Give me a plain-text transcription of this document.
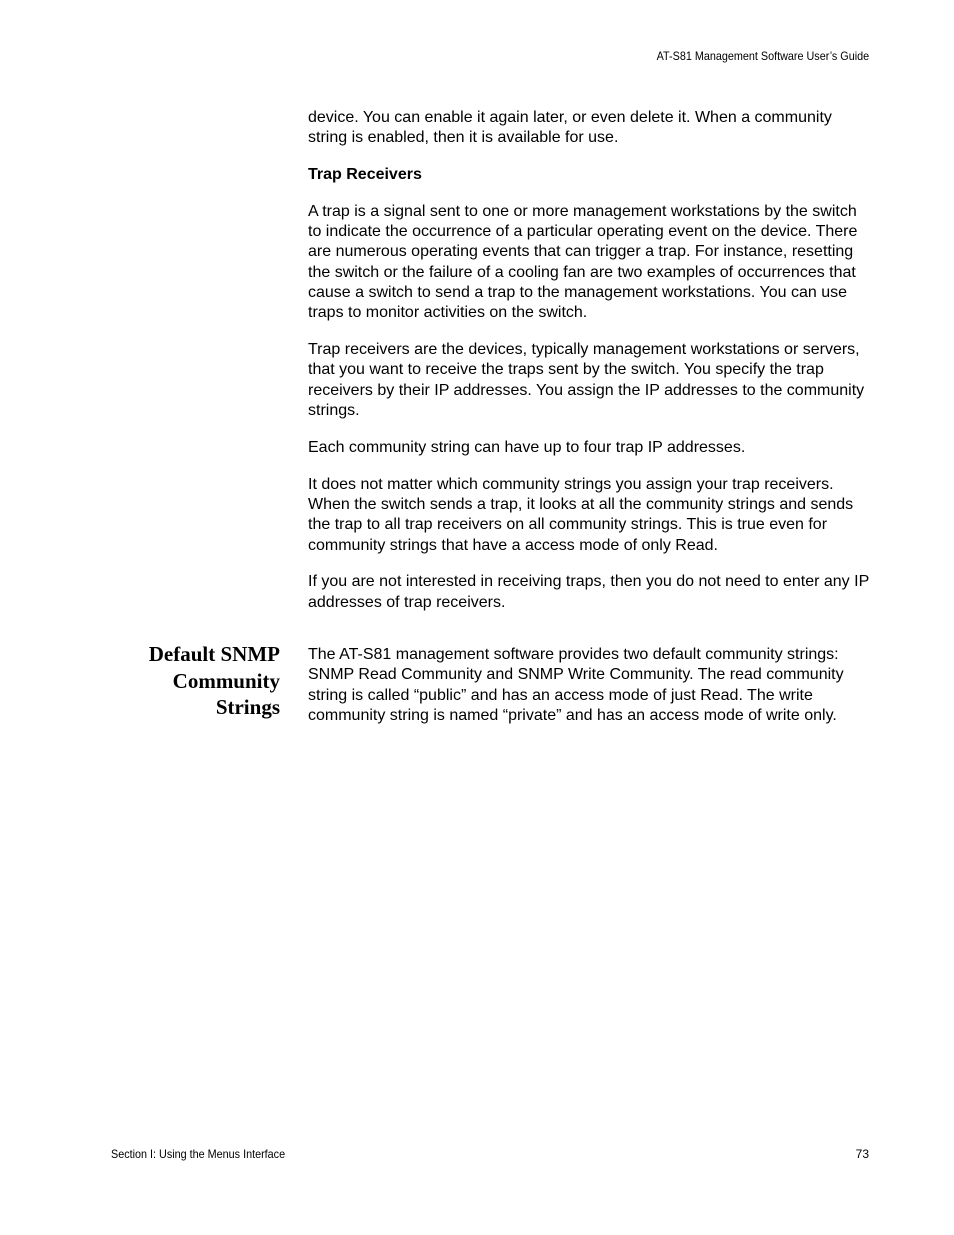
AT-S81 Management Software User’s Guide

device. You can enable it again later, or even delete it. When a community string is enabled, then it is available for use.

Trap Receivers

A trap is a signal sent to one or more management workstations by the switch to indicate the occurrence of a particular operating event on the device. There are numerous operating events that can trigger a trap. For instance, resetting the switch or the failure of a cooling fan are two examples of occurrences that cause a switch to send a trap to the management workstations. You can use traps to monitor activities on the switch.

Trap receivers are the devices, typically management workstations or servers, that you want to receive the traps sent by the switch. You specify the trap receivers by their IP addresses. You assign the IP addresses to the community strings.

Each community string can have up to four trap IP addresses.

It does not matter which community strings you assign your trap receivers. When the switch sends a trap, it looks at all the community strings and sends the trap to all trap receivers on all community strings. This is true even for community strings that have a access mode of only Read.

If you are not interested in receiving traps, then you do not need to enter any IP addresses of trap receivers.

Default SNMP
Community
Strings

The AT-S81 management software provides two default community strings: SNMP Read Community and SNMP Write Community. The read community string is called “public” and has an access mode of just Read. The write community string is named “private” and has an access mode of write only.

Section I: Using the Menus Interface	73
